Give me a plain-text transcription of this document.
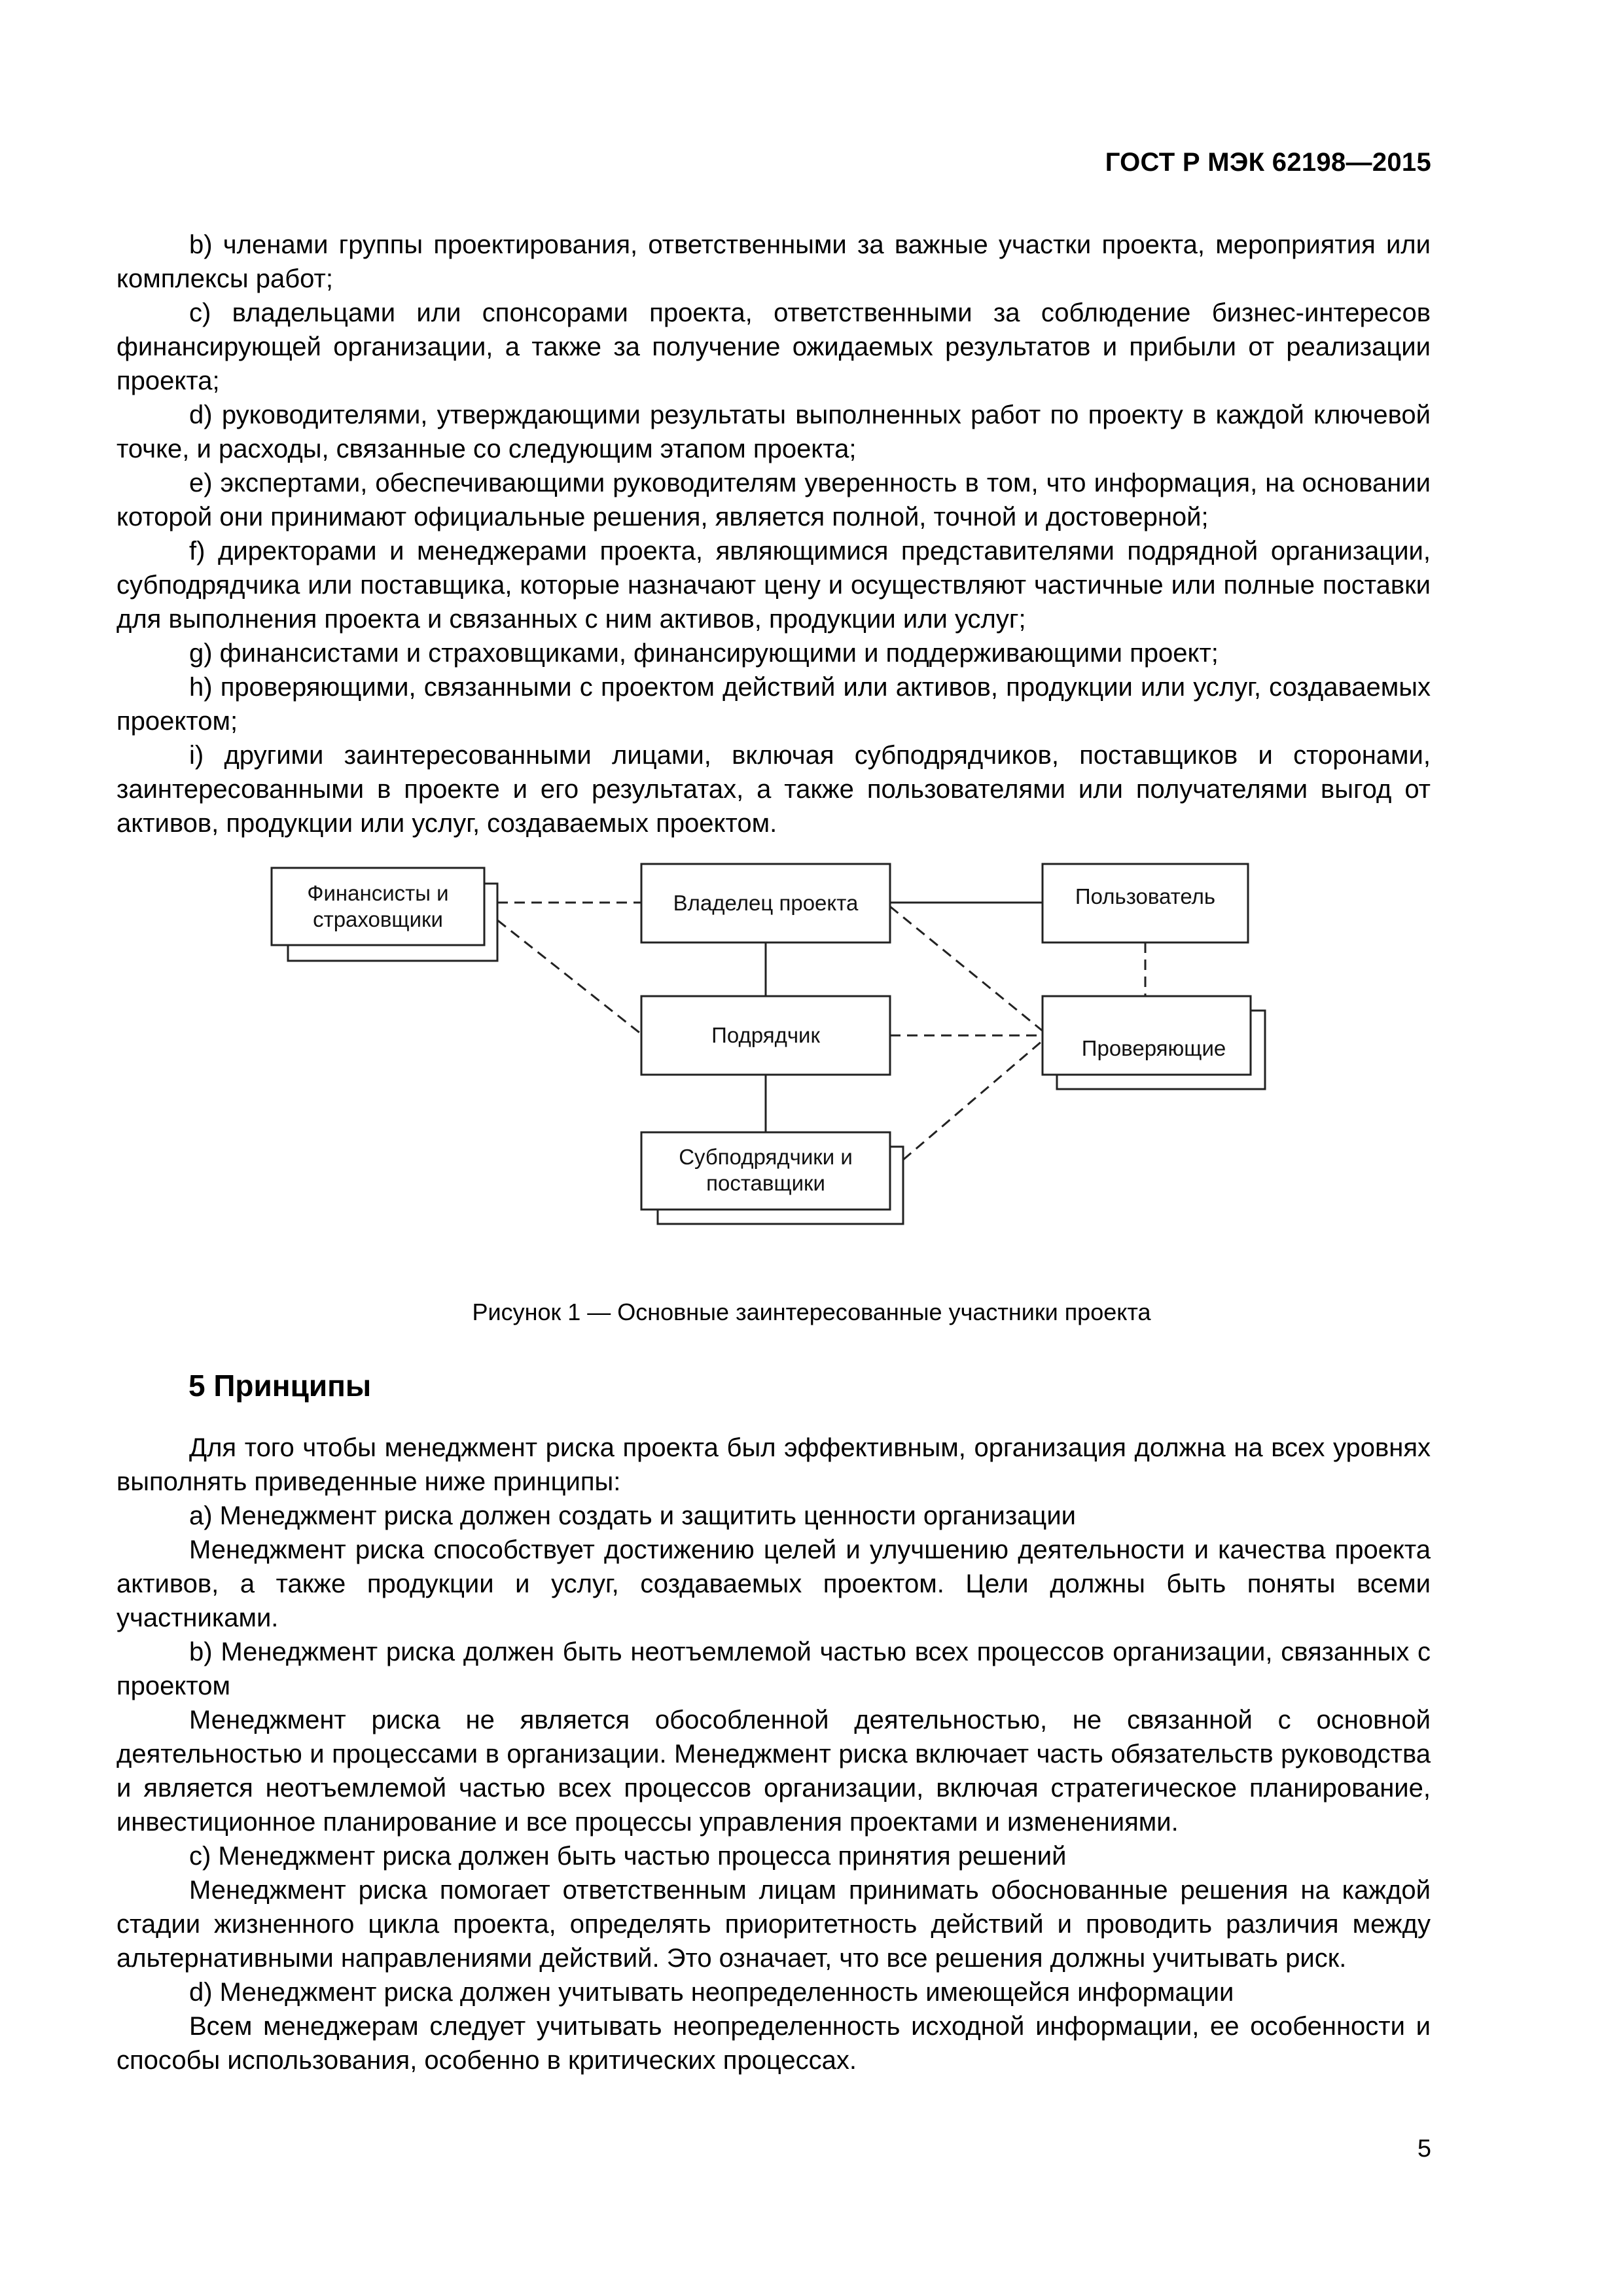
ГОСТ Р МЭК 62198—2015

b) членами группы проектирования, ответственными за важные участки проекта, мероприятия или комплексы работ;

c) владельцами или спонсорами проекта, ответственными за соблюдение бизнес-интересов финансирующей организации, а также за получение ожидаемых результатов и прибыли от реализации проекта;

d) руководителями, утверждающими результаты выполненных работ по проекту в каждой ключевой точке, и расходы, связанные со следующим этапом проекта;

e) экспертами, обеспечивающими руководителям уверенность в том, что информация, на основании которой они принимают официальные решения, является полной, точной и достоверной;

f) директорами и менеджерами проекта, являющимися представителями подрядной организации, субподрядчика или поставщика, которые назначают цену и осуществляют частичные или полные поставки для выполнения проекта и связанных с ним активов, продукции или услуг;

g) финансистами и страховщиками, финансирующими и поддерживающими проект;

h) проверяющими, связанными с проектом действий или активов, продукции или услуг, создаваемых проектом;

i) другими заинтересованными лицами, включая субподрядчиков, поставщиков и сторонами, заинтересованными в проекте и его результатах, а также пользователями или получателями выгод от активов, продукции или услуг, создаваемых проектом.

Финансисты и страховщики
Владелец проекта	Пользователь
Подрядчик
Проверяющие
Субподрядчики и поставщики
Рисунок 1 — Основные заинтересованные участники проекта
5 Принципы

Для того чтобы менеджмент риска проекта был эффективным, организация должна на всех уровнях выполнять приведенные ниже принципы:

a) Менеджмент риска должен создать и защитить ценности организации

Менеджмент риска способствует достижению целей и улучшению деятельности и качества проекта активов, а также продукции и услуг, создаваемых проектом. Цели должны быть поняты всеми участниками.

b) Менеджмент риска должен быть неотъемлемой частью всех процессов организации, связанных с проектом

Менеджмент риска не является обособленной деятельностью, не связанной с основной деятельностью и процессами в организации. Менеджмент риска включает часть обязательств руководства и является неотъемлемой частью всех процессов организации, включая стратегическое планирование, инвестиционное планирование и все процессы управления проектами и изменениями.

c) Менеджмент риска должен быть частью процесса принятия решений

Менеджмент риска помогает ответственным лицам принимать обоснованные решения на каждой стадии жизненного цикла проекта, определять приоритетность действий и проводить различия между альтернативными направлениями действий. Это означает, что все решения должны учитывать риск.

d) Менеджмент риска должен учитывать неопределенность имеющейся информации

Всем менеджерам следует учитывать неопределенность исходной информации, ее особенности и способы использования, особенно в критических процессах.

5
